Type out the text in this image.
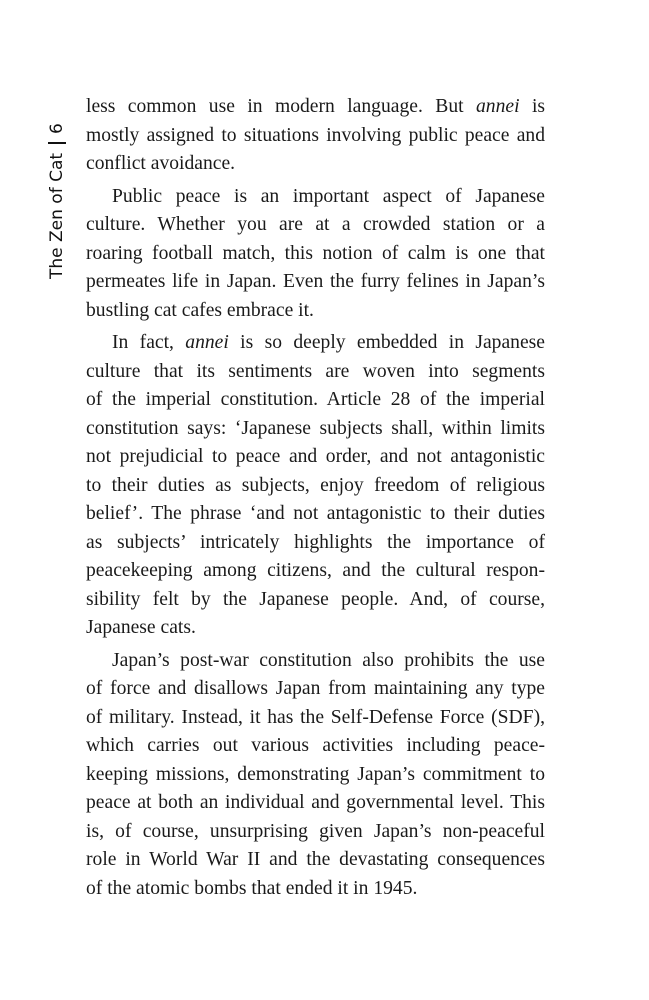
The Zen of Cat
6
less common use in modern language. But annei is
mostly assigned to situations involving public peace and
conflict avoidance.
Public peace is an important aspect of Japanese
culture. Whether you are at a crowded station or a
roaring football match, this notion of calm is one that
permeates life in Japan. Even the furry felines in Japan’s
bustling cat cafes embrace it.
In fact, annei is so deeply embedded in Japanese
culture that its sentiments are woven into segments
of the imperial constitution. Article 28 of the imperial
constitution says: ‘Japanese subjects shall, within limits
not prejudicial to peace and order, and not antagonistic
to their duties as subjects, enjoy freedom of religious
belief’. The phrase ‘and not antagonistic to their duties
as subjects’ intricately highlights the importance of
peacekeeping among citizens, and the cultural respon-
sibility felt by the Japanese people. And, of course,
Japanese cats.
Japan’s post-war constitution also prohibits the use
of force and disallows Japan from maintaining any type
of military. Instead, it has the Self-Defense Force (SDF),
which carries out various activities including peace-
keeping missions, demonstrating Japan’s commitment to
peace at both an individual and governmental level. This
is, of course, unsurprising given Japan’s non-peaceful
role in World War II and the devastating consequences
of the atomic bombs that ended it in 1945.
